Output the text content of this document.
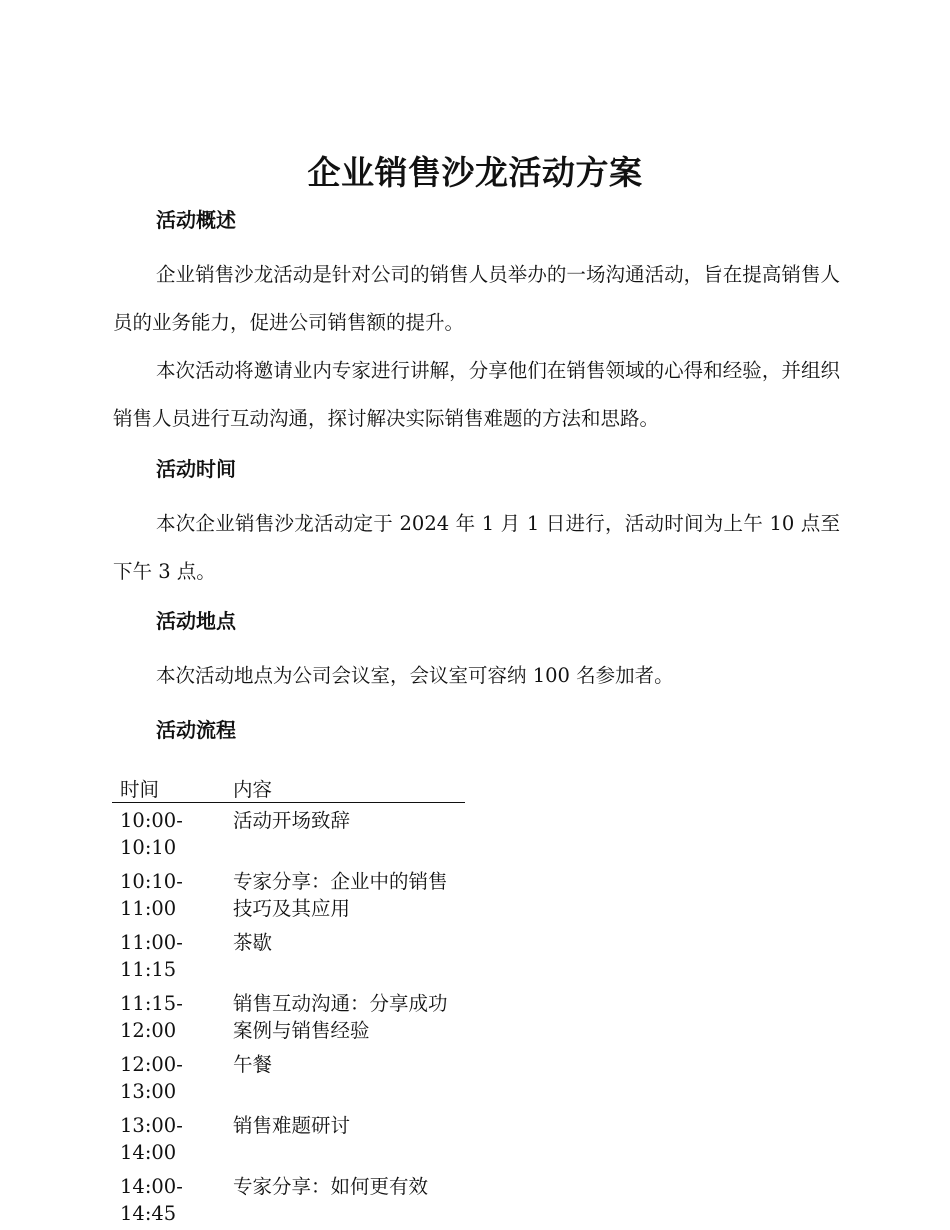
企业销售沙龙活动方案
活动概述

企业销售沙龙活动是针对公司的销售人员举办的一场沟通活动，旨在提高销售人员的业务能力，促进公司销售额的提升。

本次活动将邀请业内专家进行讲解，分享他们在销售领域的心得和经验，并组织销售人员进行互动沟通，探讨解决实际销售难题的方法和思路。

活动时间

本次企业销售沙龙活动定于 2024 年 1 月 1 日进行，活动时间为上午 10 点至下午 3 点。

活动地点

本次活动地点为公司会议室，会议室可容纳 100 名参加者。

活动流程
时间	内容
10:00-10:10	活动开场致辞
10:10-11:00	专家分享：企业中的销售技巧及其应用
11:00-11:15	茶歇
11:15-12:00	销售互动沟通：分享成功案例与销售经验
12:00-13:00	午餐
13:00-14:00	销售难题研讨
14:00-14:45	专家分享：如何更有效
